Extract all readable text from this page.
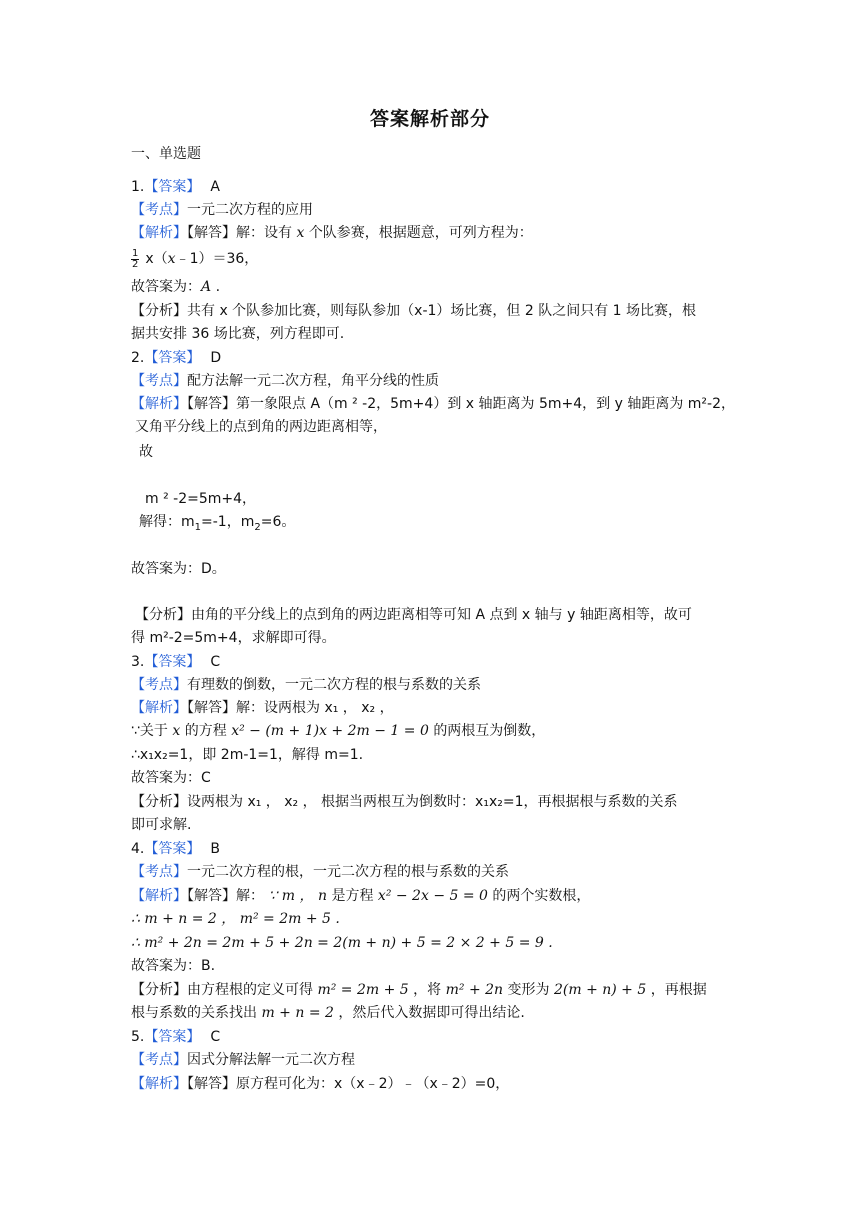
答案解析部分
一、单选题
1.【答案】 A
【考点】一元二次方程的应用
【解析】【解答】解：设有 x 个队参赛，根据题意，可列方程为：
$\frac{1}{2}$ x（x﹣1）＝36，
故答案为：A .
【分析】共有 x 个队参加比赛，则每队参加（x-1）场比赛，但 2 队之间只有 1 场比赛，根
据共安排 36 场比赛，列方程即可.
2.【答案】 D
【考点】配方法解一元二次方程，角平分线的性质
【解析】【解答】第一象限点 A（m ² -2，5m+4）到 x 轴距离为 5m+4，到 y 轴距离为 m²-2，
又角平分线上的点到角的两边距离相等，
故
m ² -2=5m+4，
解得：$m_1=-1$，$m_2=6$。
故答案为：D。
【分析】由角的平分线上的点到角的两边距离相等可知 A 点到 x 轴与 y 轴距离相等，故可
得 m²-2=5m+4，求解即可得。
3.【答案】 C
【考点】有理数的倒数，一元二次方程的根与系数的关系
【解析】【解答】解：设两根为 x₁ ， x₂ ，
∵关于 x 的方程 x² − (m + 1)x + 2m − 1 = 0 的两根互为倒数，
∴x₁x₂=1，即 2m-1=1，解得 m=1.
故答案为：C
【分析】设两根为 x₁ ， x₂ ， 根据当两根互为倒数时：x₁x₂=1，再根据根与系数的关系
即可求解.
4.【答案】 B
【考点】一元二次方程的根，一元二次方程的根与系数的关系
【解析】【解答】解： ∵ m ， n 是方程 x² − 2x − 5 = 0 的两个实数根，
∴ m + n = 2 ， m² = 2m + 5 .
∴ m² + 2n = 2m + 5 + 2n = 2(m + n) + 5 = 2 × 2 + 5 = 9 .
故答案为：B.
【分析】由方程根的定义可得 m² = 2m + 5 ，将 m² + 2n 变形为 2(m + n) + 5 ，再根据
根与系数的关系找出 m + n = 2 ，然后代入数据即可得出结论.
5.【答案】 C
【考点】因式分解法解一元二次方程
【解析】【解答】原方程可化为：x（x﹣2）﹣（x﹣2）=0，
